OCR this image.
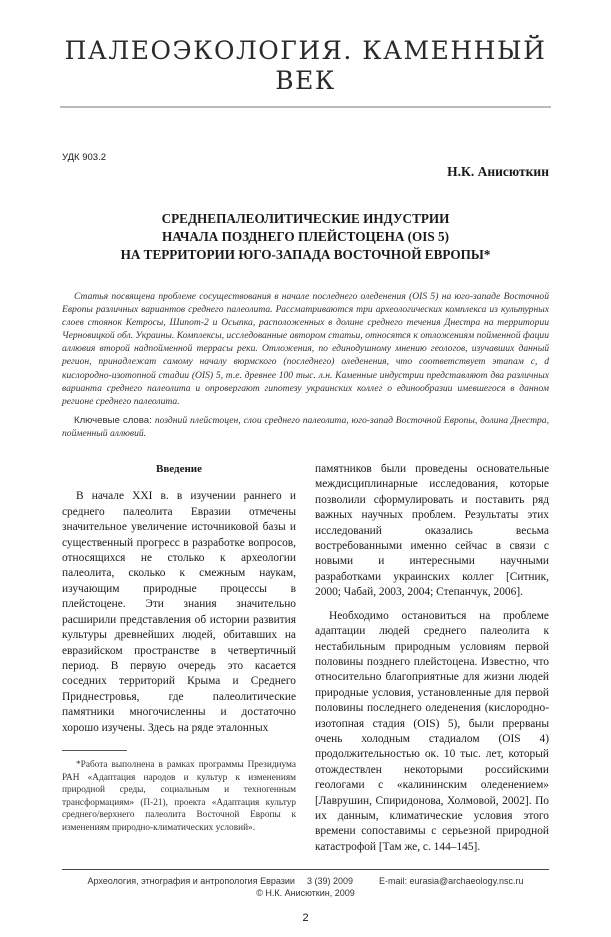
ПАЛЕОЭКОЛОГИЯ. КАМЕННЫЙ ВЕК
УДК 903.2
Н.К. Анисюткин
СРЕДНЕПАЛЕОЛИТИЧЕСКИЕ ИНДУСТРИИ
НАЧАЛА ПОЗДНЕГО ПЛЕЙСТОЦЕНА (OIS 5)
НА ТЕРРИТОРИИ ЮГО-ЗАПАДА ВОСТОЧНОЙ ЕВРОПЫ*
Статья посвящена проблеме сосуществования в начале последнего оледенения (OIS 5) на юго-западе Восточной Европы различных вариантов среднего палеолита. Рассматриваются три археологических комплекса из культурных слоев стоянок Кетросы, Шипот-2 и Осыпка, расположенных в долине среднего течения Днестра на территории Черновицкой обл. Украины. Комплексы, исследованные автором статьи, относятся к отложениям пойменной фации аллювия второй надпойменной террасы реки. Отложения, по единодушному мнению геологов, изучавших данный регион, принадлежат самому началу вюрмского (последнего) оледенения, что соответствует этапам c, d кислородно-изотопной стадии (OIS) 5, т.е. древнее 100 тыс. л.н. Каменные индустрии представляют два различных варианта среднего палеолита и опровергают гипотезу украинских коллег о единообразии имевшегося в данном регионе среднего палеолита.
Ключевые слова: поздний плейстоцен, слои среднего палеолита, юго-запад Восточной Европы, долина Днестра, пойменный аллювий.

Введение

В начале XXI в. в изучении раннего и среднего палеолита Евразии отмечены значительное увеличение источниковой базы и существенный прогресс в разработке вопросов, относящихся не столько к археологии палеолита, сколько к смежным наукам, изучающим природные процессы в плейстоцене. Эти знания значительно расширили представления об истории развития культуры древнейших людей, обитавших на евразийском пространстве в четвертичный период. В первую очередь это касается соседних территорий Крыма и Среднего Приднестровья, где палеолитические памятники многочисленны и достаточно хорошо изучены. Здесь на ряде эталонных

*Работа выполнена в рамках программы Президиума РАН «Адаптация народов и культур к изменениям природной среды, социальным и техногенным трансформациям» (П-21), проекта «Адаптация культур среднего/верхнего палеолита Восточной Европы к изменениям природно-климатических условий».

памятников были проведены основательные междисциплинарные исследования, которые позволили сформулировать и поставить ряд важных научных проблем. Результаты этих исследований оказались весьма востребованными именно сейчас в связи с новыми и интересными научными разработками украинских коллег [Ситник, 2000; Чабай, 2003, 2004; Степанчук, 2006].

Необходимо остановиться на проблеме адаптации людей среднего палеолита к нестабильным природным условиям первой половины позднего плейстоцена. Известно, что относительно благоприятные для жизни людей природные условия, установленные для первой половины последнего оледенения (кислородно-изотопная стадия (OIS) 5), были прерваны очень холодным стадиалом (OIS 4) продолжительностью ок. 10 тыс. лет, который отождествлен некоторыми российскими геологами с «калининским оледенением» [Лаврушин, Спиридонова, Холмовой, 2002]. По их данным, климатические условия этого времени сопоставимы с серьезной природной катастрофой [Там же, с. 144–145].

Археология, этнография и антропология Евразии 3 (39) 2009	E-mail: eurasia@archaeology.nsc.ru
© Н.К. Анисюткин, 2009
2
